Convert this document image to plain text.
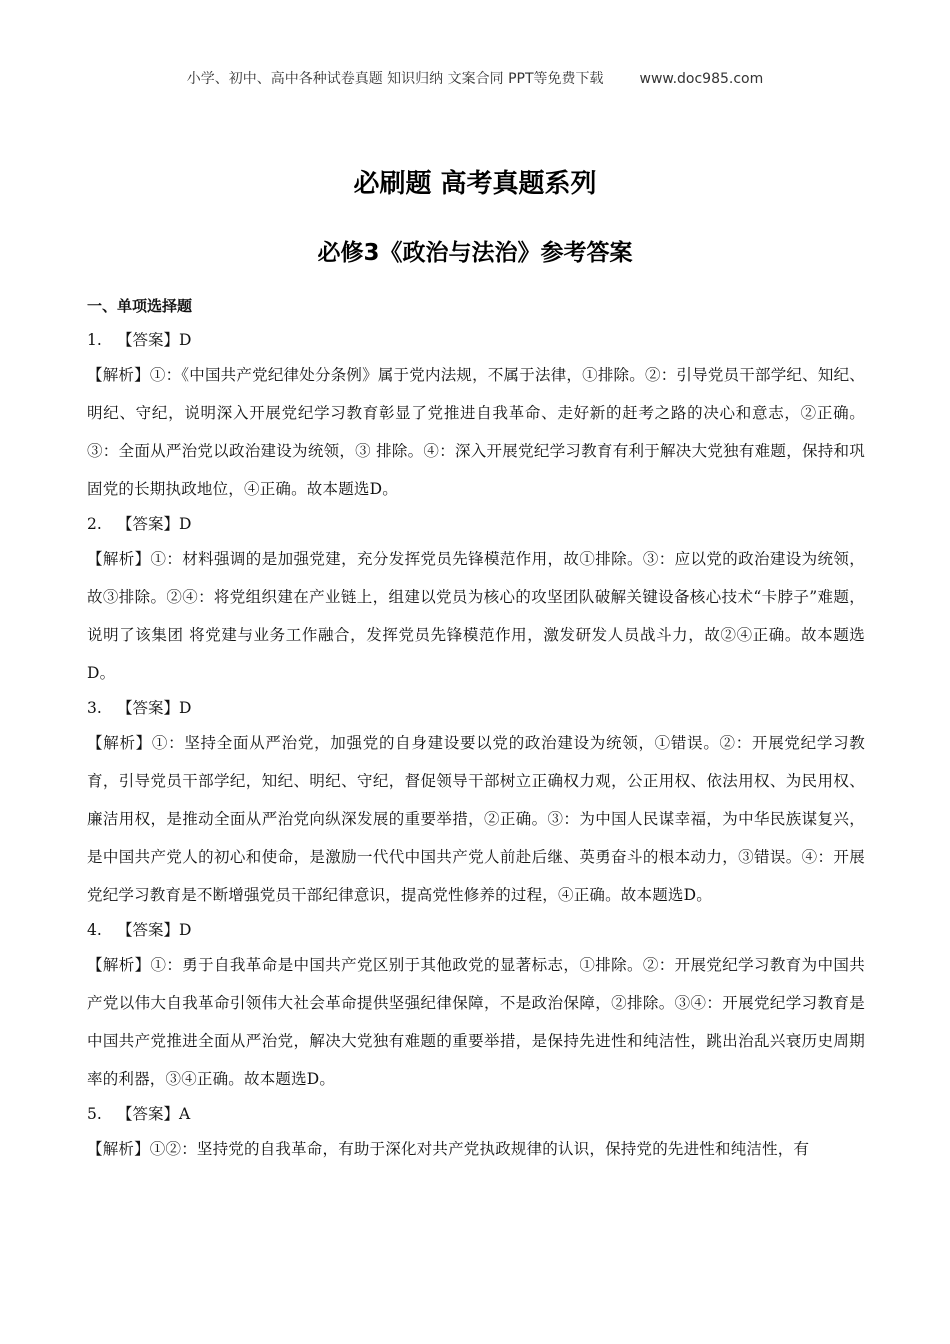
小学、初中、高中各种试卷真题 知识归纳 文案合同 PPT等免费下载	www.doc985.com
必刷题 高考真题系列
必修3《政治与法治》参考答案

一、单项选择题

1. 【答案】D

【解析】①：《中国共产党纪律处分条例》属于党内法规，不属于法律，①排除。②：引导党员干部学纪、知纪、明纪、守纪，说明深入开展党纪学习教育彰显了党推进自我革命、走好新的赶考之路的决心和意志，②正确。③：全面从严治党以政治建设为统领，③ 排除。④：深入开展党纪学习教育有利于解决大党独有难题，保持和巩固党的长期执政地位，④正确。故本题选D。

2. 【答案】D

【解析】①：材料强调的是加强党建，充分发挥党员先锋模范作用，故①排除。③：应以党的政治建设为统领，故③排除。②④：将党组织建在产业链上，组建以党员为核心的攻坚团队破解关键设备核心技术“卡脖子”难题，说明了该集团 将党建与业务工作融合，发挥党员先锋模范作用，激发研发人员战斗力，故②④正确。故本题选D。

3. 【答案】D

【解析】①：坚持全面从严治党，加强党的自身建设要以党的政治建设为统领，①错误。②：开展党纪学习教育，引导党员干部学纪，知纪、明纪、守纪，督促领导干部树立正确权力观，公正用权、依法用权、为民用权、廉洁用权，是推动全面从严治党向纵深发展的重要举措，②正确。③：为中国人民谋幸福，为中华民族谋复兴，是中国共产党人的初心和使命，是激励一代代中国共产党人前赴后继、英勇奋斗的根本动力，③错误。④：开展党纪学习教育是不断增强党员干部纪律意识，提高党性修养的过程，④正确。故本题选D。

4. 【答案】D

【解析】①：勇于自我革命是中国共产党区别于其他政党的显著标志，①排除。②：开展党纪学习教育为中国共产党以伟大自我革命引领伟大社会革命提供坚强纪律保障，不是政治保障，②排除。③④：开展党纪学习教育是中国共产党推进全面从严治党，解决大党独有难题的重要举措，是保持先进性和纯洁性，跳出治乱兴衰历史周期率的利器，③④正确。故本题选D。

5. 【答案】A

【解析】①②：坚持党的自我革命，有助于深化对共产党执政规律的认识，保持党的先进性和纯洁性，有
